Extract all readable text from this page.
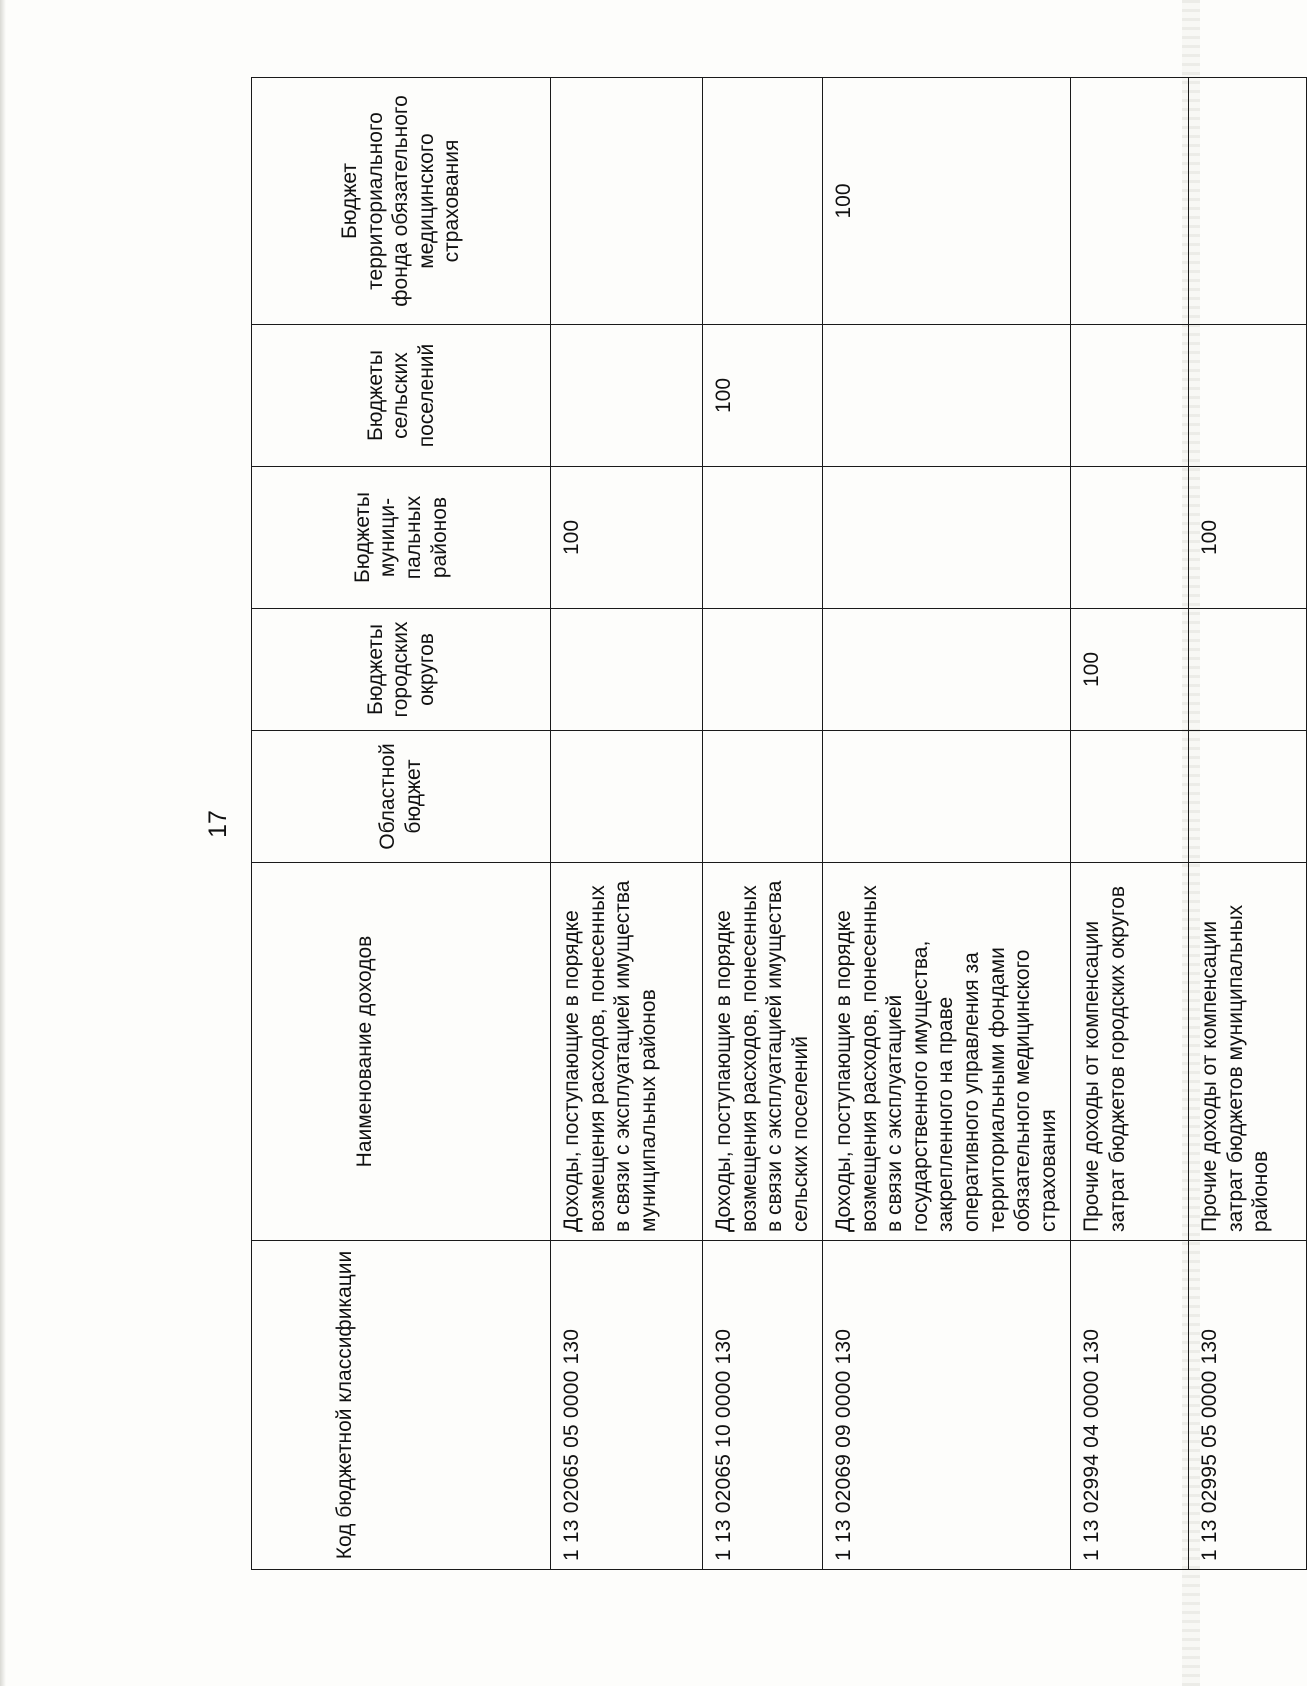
17
Код бюджетной классификации	Наименование доходов	Областной бюджет	Бюджеты городских округов	Бюджеты муници-пальных районов	Бюджеты сельских поселений	Бюджет территориального фонда обязательного медицинского страхования
1 13 02065 05 0000 130	Доходы, поступающие в порядке возмещения расходов, понесенных в связи с эксплуатацией имущества муниципальных районов			100		
1 13 02065 10 0000 130	Доходы, поступающие в порядке возмещения расходов, понесенных в связи с эксплуатацией имущества сельских поселений				100	
1 13 02069 09 0000 130	Доходы, поступающие в порядке возмещения расходов, понесенных в связи с эксплуатацией государственного имущества, закрепленного на праве оперативного управления за территориальными фондами обязательного медицинского страхования					100
1 13 02994 04 0000 130	Прочие доходы от компенсации затрат бюджетов городских округов		100			
1 13 02995 05 0000 130	Прочие доходы от компенсации затрат бюджетов муниципальных районов			100		
